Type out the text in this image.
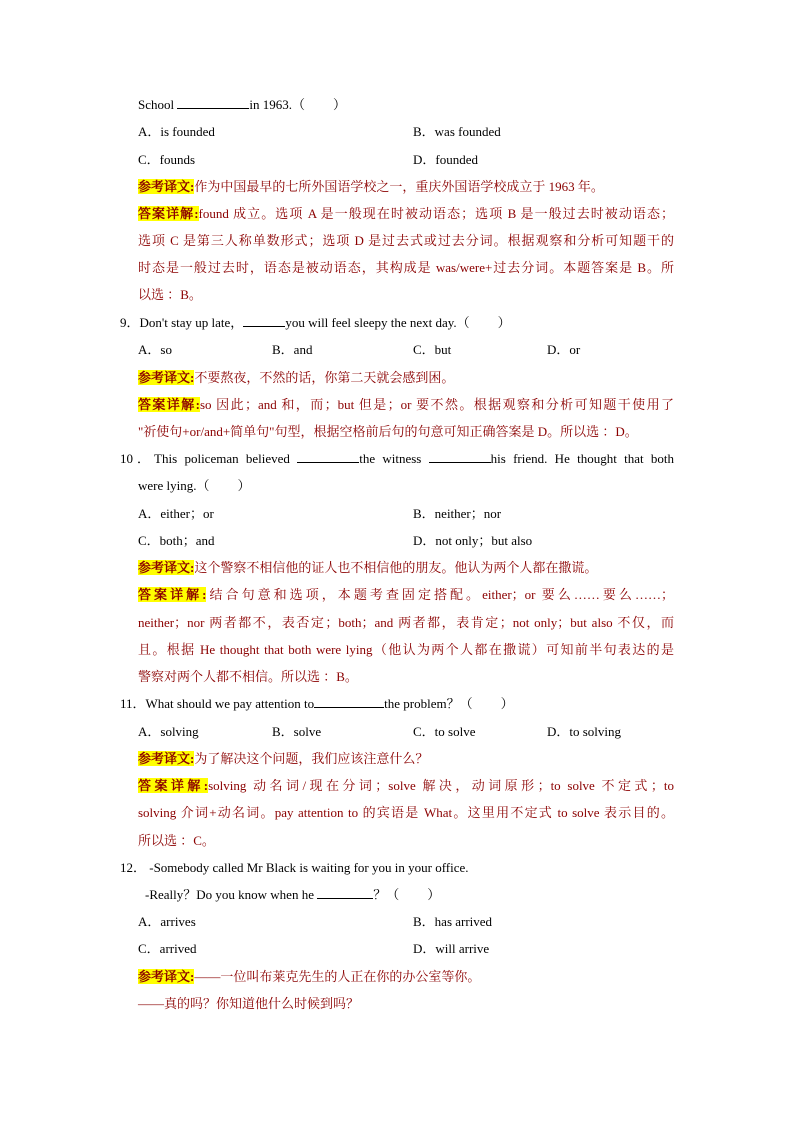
School	in 1963.（ ）
A．is founded	B．was founded
C．founds	D．founded
参考译文:作为中国最早的七所外国语学校之一，重庆外国语学校成立于 1963 年。
答案详解:found 成立。选项 A 是一般现在时被动语态；选项 B 是一般过去时被动语态；
选项 C 是第三人称单数形式；选项 D 是过去式或过去分词。根据观察和分析可知题干的
时态是一般过去时，语态是被动语态，其构成是 was/were+过去分词。本题答案是 B。所
以选 ：B。
9．Don't stay up late，	you will feel sleepy the next day.（ ）
A．so	B．and	C．but	D．or
参考译文:不要熬夜，不然的话，你第二天就会感到困。
答案详解:so 因此；and 和，而；but 但是；or 要不然。根据观察和分析可知题干使用了
"祈使句+or/and+简单句"句型，根据空格前后句的句意可知正确答案是 D。所以选 ：D。
10．This policeman believed	the witness	his friend. He thought that both
were lying.（ ）
A．either；or	B．neither；nor
C．both；and	D．not only；but also
参考译文:这个警察不相信他的证人也不相信他的朋友。他认为两个人都在撒谎。
答案详解:结合句意和选项，本题考查固定搭配。either；or 要么……要么……；
neither；nor 两者都不，表否定；both；and 两者都，表肯定；not only；but also 不仅，而
且。根据 He thought that both were lying（他认为两个人都在撒谎）可知前半句表达的是
警察对两个人都不相信。所以选 ：B。
11．What should we pay attention to	the problem？（ ）
A．solving	B．solve	C．to solve	D．to solving
参考译文:为了解决这个问题，我们应该注意什么？
答案详解:solving 动名词/现在分词；solve 解决，动词原形；to solve 不定式；to
solving 介词+动名词。pay attention to 的宾语是 What。这里用不定式 to solve 表示目的。
所以选 ：C。
12． -Somebody called Mr Black is waiting for you in your office.
-Really？Do you know when he	？（ ）
A．arrives	B．has arrived
C．arrived	D．will arrive
参考译文:——一位叫布莱克先生的人正在你的办公室等你。
——真的吗？你知道他什么时候到吗？
